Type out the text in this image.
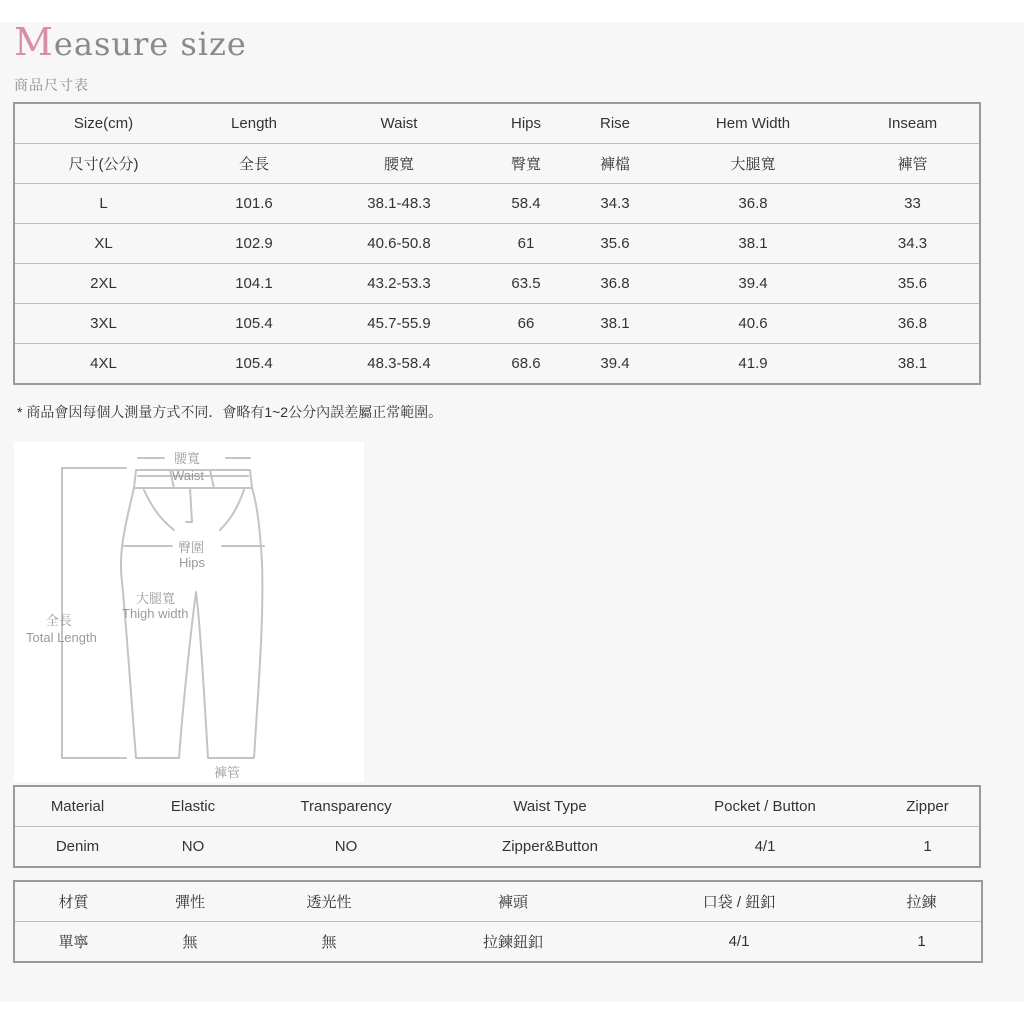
Measure size
商品尺寸表
Size(cm)	Length	Waist	Hips	Rise	Hem Width	Inseam
尺寸(公分)	全長	腰寬	臀寬	褲檔	大腿寬	褲管
L	101.6	38.1-48.3	58.4	34.3	36.8	33
XL	102.9	40.6-50.8	61	35.6	38.1	34.3
2XL	104.1	43.2-53.3	63.5	36.8	39.4	35.6
3XL	105.4	45.7-55.9	66	38.1	40.6	36.8
4XL	105.4	48.3-58.4	68.6	39.4	41.9	38.1
* 商品會因每個人測量方式不同．會略有1~2公分內誤差屬正常範圍。
腰寬
Waist
臀圍
Hips
大腿寬
Thigh width
全長
Total Length
褲管
Material	Elastic	Transparency	Waist Type	Pocket / Button	Zipper
Denim	NO	NO	Zipper&Button	4/1	1
材質	彈性	透光性	褲頭	口袋 / 鈕釦	拉鍊
單寧	無	無	拉鍊鈕釦	4/1	1
